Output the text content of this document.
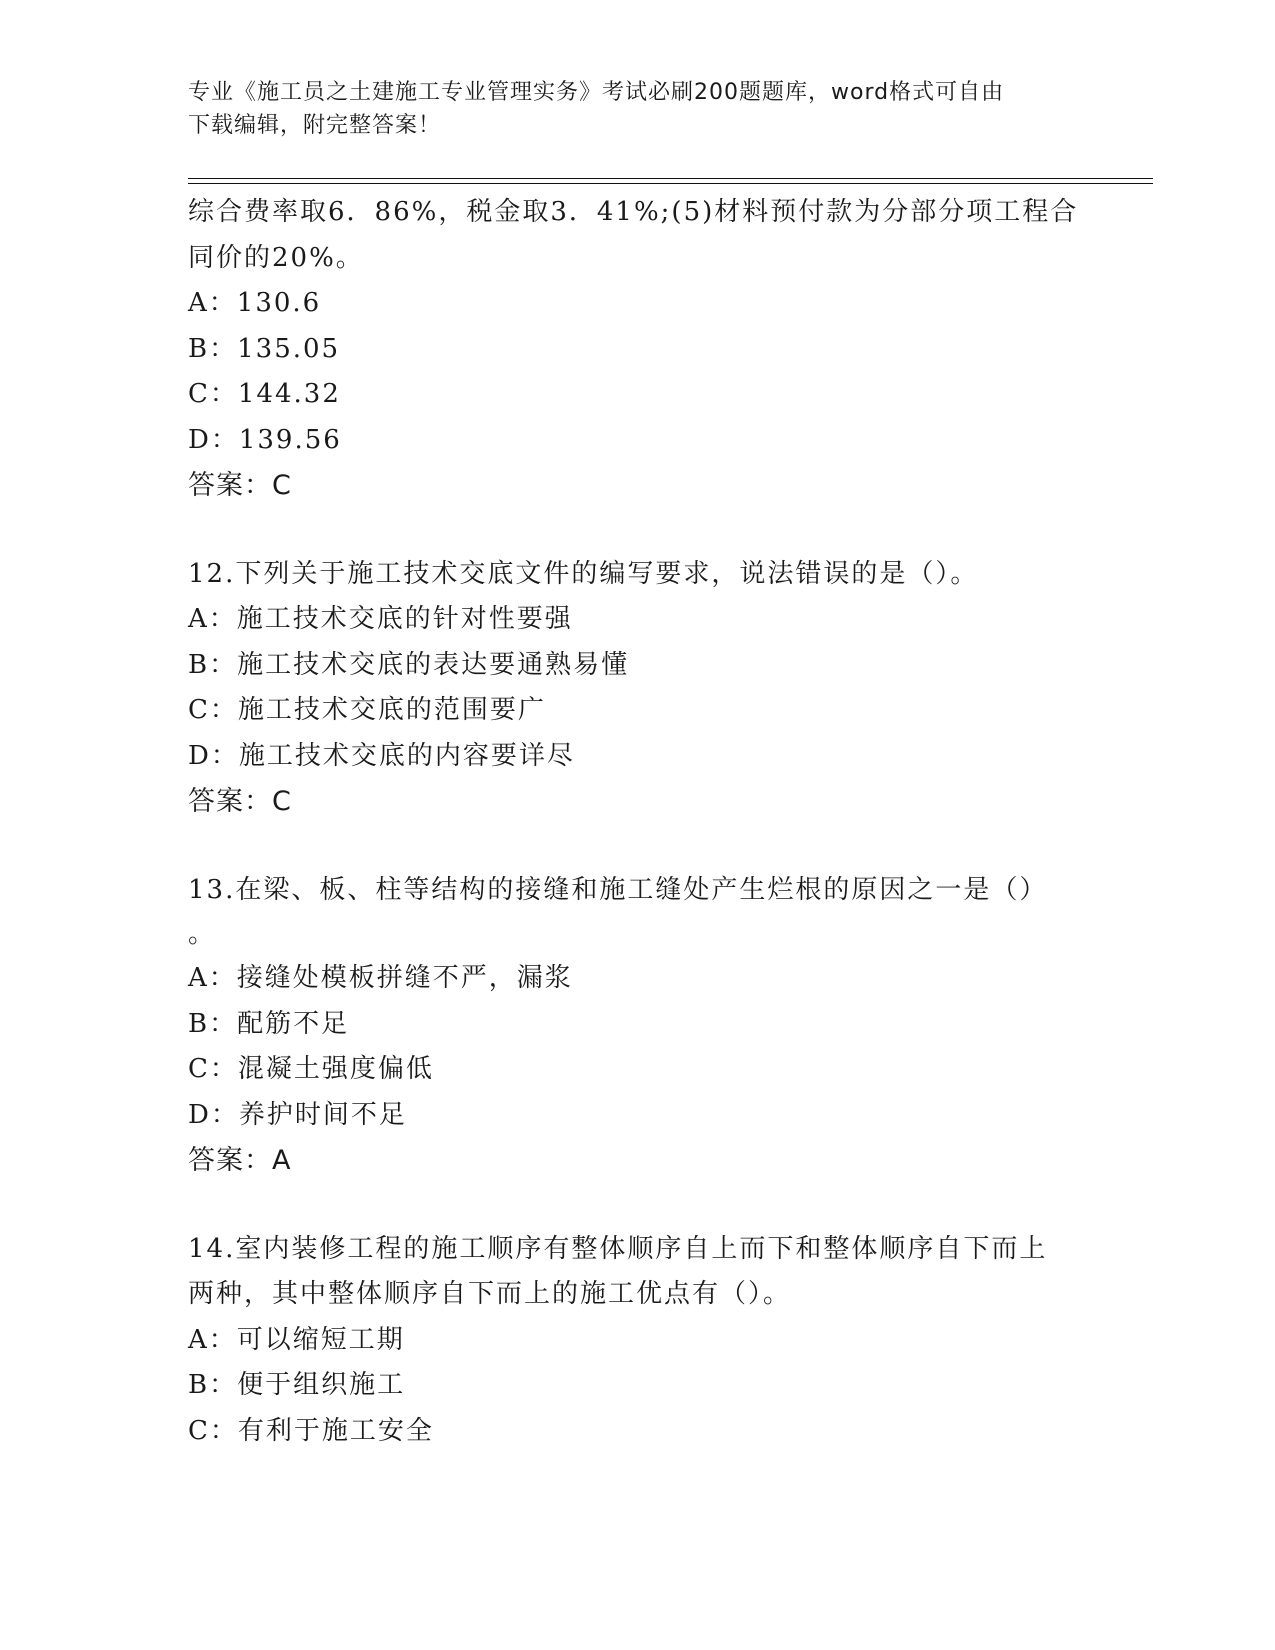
专业《施工员之土建施工专业管理实务》考试必刷200题题库，word格式可自由
下载编辑，附完整答案！
综合费率取6．86%，税金取3．41%;(5)材料预付款为分部分项工程合
同价的20%。
A：130.6
B：135.05
C：144.32
D：139.56
答案：C
12.下列关于施工技术交底文件的编写要求，说法错误的是（）。
A：施工技术交底的针对性要强
B：施工技术交底的表达要通熟易懂
C：施工技术交底的范围要广
D：施工技术交底的内容要详尽
答案：C
13.在梁、板、柱等结构的接缝和施工缝处产生烂根的原因之一是（）
。
A：接缝处模板拼缝不严，漏浆
B：配筋不足
C：混凝土强度偏低
D：养护时间不足
答案：A
14.室内装修工程的施工顺序有整体顺序自上而下和整体顺序自下而上
两种，其中整体顺序自下而上的施工优点有（）。
A：可以缩短工期
B：便于组织施工
C：有利于施工安全
